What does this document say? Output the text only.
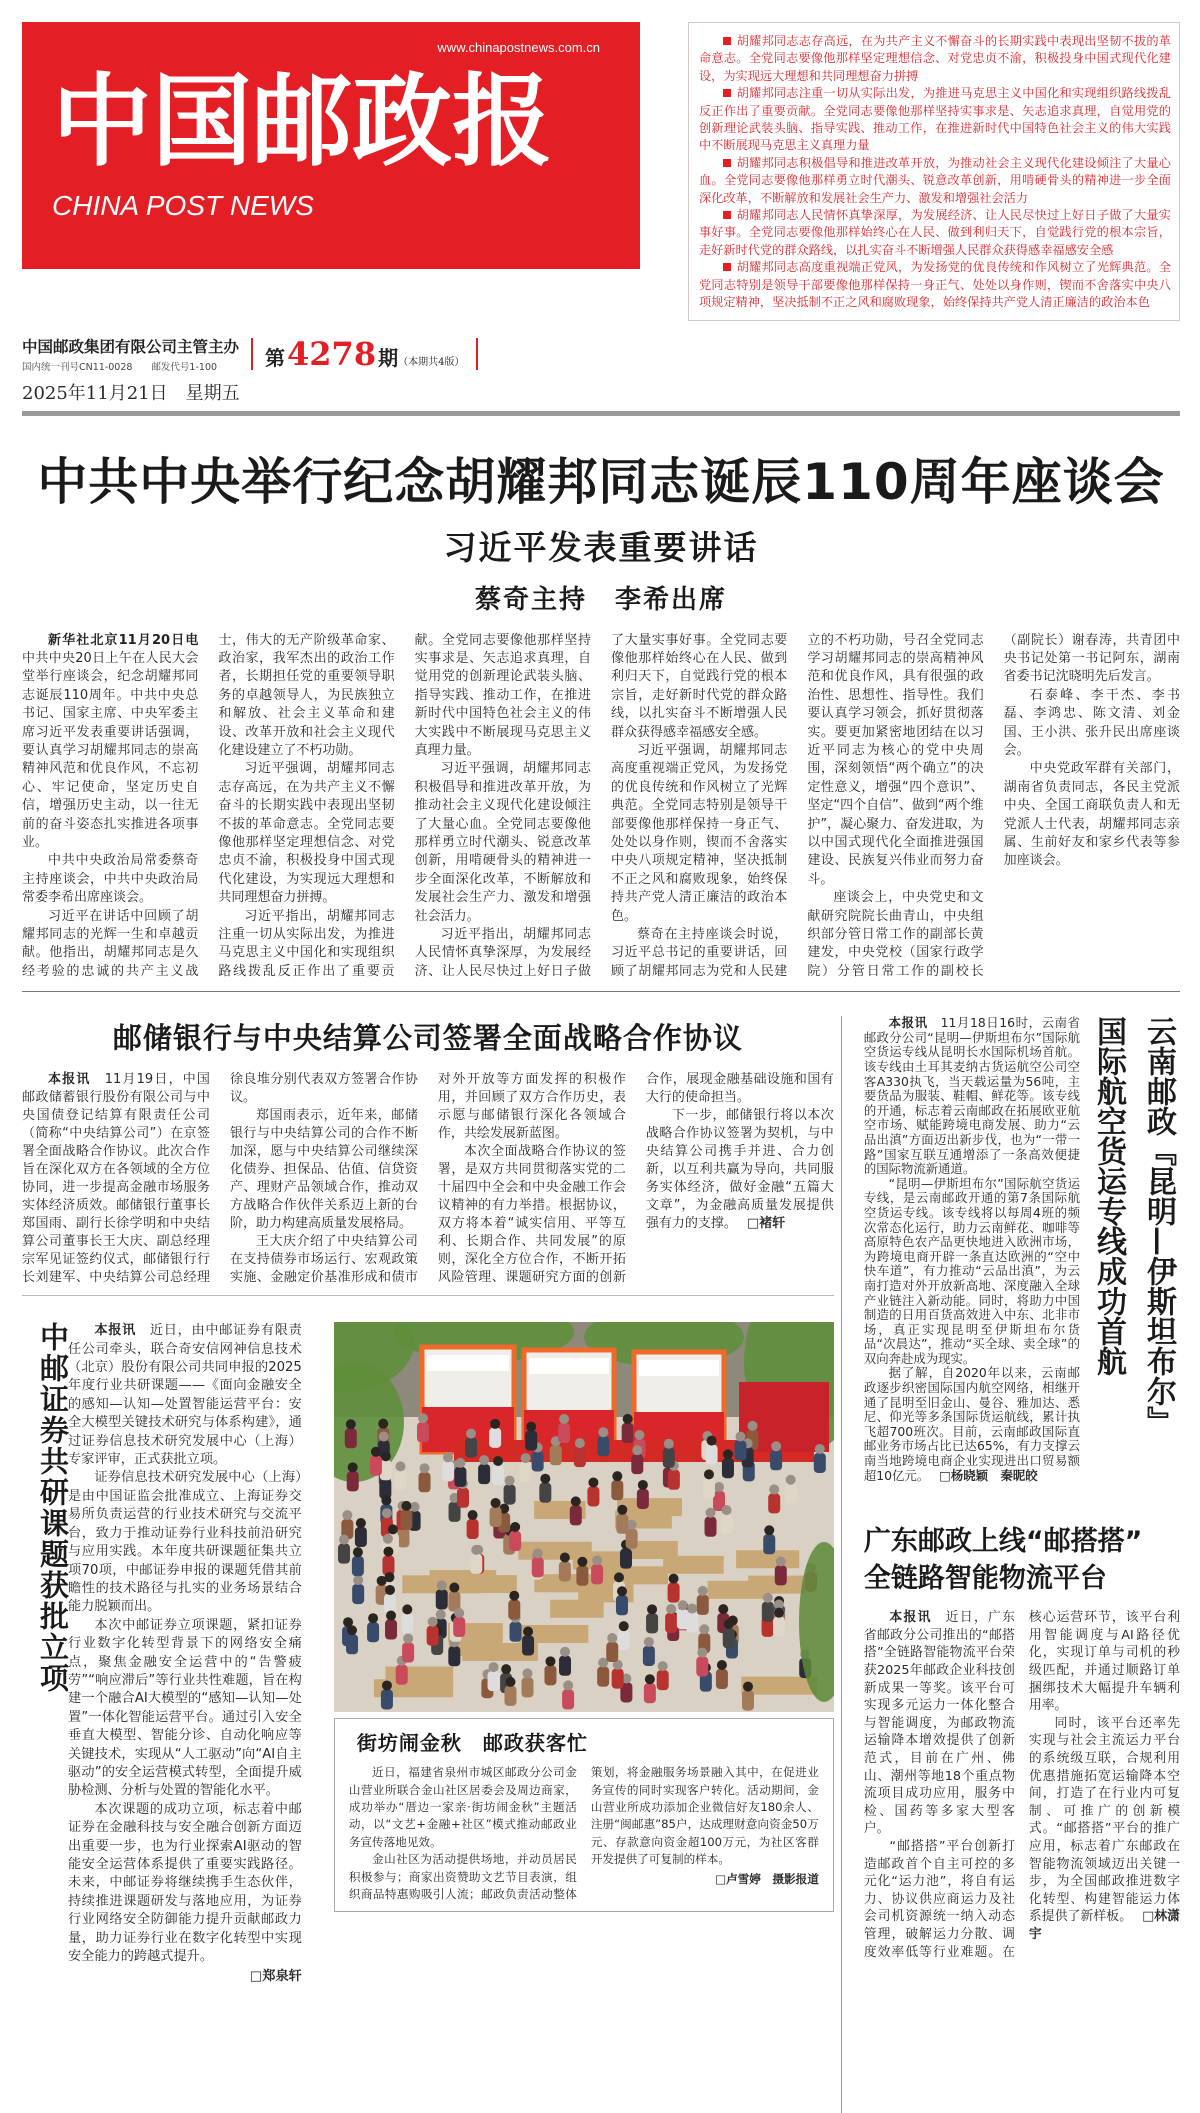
www.chinapostnews.com.cn
中国邮政报
CHINA POST NEWS

胡耀邦同志志存高远，在为共产主义不懈奋斗的长期实践中表现出坚韧不拔的革命意志。全党同志要像他那样坚定理想信念、对党忠贞不渝，积极投身中国式现代化建设，为实现远大理想和共同理想奋力拼搏

胡耀邦同志注重一切从实际出发，为推进马克思主义中国化和实现组织路线拨乱反正作出了重要贡献。全党同志要像他那样坚持实事求是、矢志追求真理，自觉用党的创新理论武装头脑、指导实践、推动工作，在推进新时代中国特色社会主义的伟大实践中不断展现马克思主义真理力量

胡耀邦同志积极倡导和推进改革开放，为推动社会主义现代化建设倾注了大量心血。全党同志要像他那样勇立时代潮头、锐意改革创新，用啃硬骨头的精神进一步全面深化改革，不断解放和发展社会生产力、激发和增强社会活力

胡耀邦同志人民情怀真挚深厚，为发展经济、让人民尽快过上好日子做了大量实事好事。全党同志要像他那样始终心在人民、做到利归天下，自觉践行党的根本宗旨，走好新时代党的群众路线，以扎实奋斗不断增强人民群众获得感幸福感安全感

胡耀邦同志高度重视端正党风，为发扬党的优良传统和作风树立了光辉典范。全党同志特别是领导干部要像他那样保持一身正气、处处以身作则，锲而不舍落实中央八项规定精神，坚决抵制不正之风和腐败现象，始终保持共产党人清正廉洁的政治本色

中国邮政集团有限公司主管主办
国内统一刊号CN11-0028　　邮发代号1-100	第4278 期（本期共4版）
2025年11月21日　星期五
中共中央举行纪念胡耀邦同志诞辰110周年座谈会
习近平发表重要讲话
蔡奇主持　李希出席

新华社北京11月20日电　中共中央20日上午在人民大会堂举行座谈会，纪念胡耀邦同志诞辰110周年。中共中央总书记、国家主席、中央军委主席习近平发表重要讲话强调，要认真学习胡耀邦同志的崇高精神风范和优良作风，不忘初心、牢记使命，坚定历史自信，增强历史主动，以一往无前的奋斗姿态扎实推进各项事业。

中共中央政治局常委蔡奇主持座谈会，中共中央政治局常委李希出席座谈会。

习近平在讲话中回顾了胡耀邦同志的光辉一生和卓越贡献。他指出，胡耀邦同志是久经考验的忠诚的共产主义战士，伟大的无产阶级革命家、政治家，我军杰出的政治工作者，长期担任党的重要领导职务的卓越领导人，为民族独立和解放、社会主义革命和建设、改革开放和社会主义现代化建设建立了不朽功勋。

习近平强调，胡耀邦同志志存高远，在为共产主义不懈奋斗的长期实践中表现出坚韧不拔的革命意志。全党同志要像他那样坚定理想信念、对党忠贞不渝，积极投身中国式现代化建设，为实现远大理想和共同理想奋力拼搏。

习近平指出，胡耀邦同志注重一切从实际出发，为推进马克思主义中国化和实现组织路线拨乱反正作出了重要贡献。全党同志要像他那样坚持实事求是、矢志追求真理，自觉用党的创新理论武装头脑、指导实践、推动工作，在推进新时代中国特色社会主义的伟大实践中不断展现马克思主义真理力量。

习近平强调，胡耀邦同志积极倡导和推进改革开放，为推动社会主义现代化建设倾注了大量心血。全党同志要像他那样勇立时代潮头、锐意改革创新，用啃硬骨头的精神进一步全面深化改革，不断解放和发展社会生产力、激发和增强社会活力。

习近平指出，胡耀邦同志人民情怀真挚深厚，为发展经济、让人民尽快过上好日子做了大量实事好事。全党同志要像他那样始终心在人民、做到利归天下，自觉践行党的根本宗旨，走好新时代党的群众路线，以扎实奋斗不断增强人民群众获得感幸福感安全感。

习近平强调，胡耀邦同志高度重视端正党风，为发扬党的优良传统和作风树立了光辉典范。全党同志特别是领导干部要像他那样保持一身正气、处处以身作则，锲而不舍落实中央八项规定精神，坚决抵制不正之风和腐败现象，始终保持共产党人清正廉洁的政治本色。

蔡奇在主持座谈会时说，习近平总书记的重要讲话，回顾了胡耀邦同志为党和人民建立的不朽功勋，号召全党同志学习胡耀邦同志的崇高精神风范和优良作风，具有很强的政治性、思想性、指导性。我们要认真学习领会，抓好贯彻落实。要更加紧密地团结在以习近平同志为核心的党中央周围，深刻领悟“两个确立”的决定性意义，增强“四个意识”、坚定“四个自信”、做到“两个维护”，凝心聚力、奋发进取，为以中国式现代化全面推进强国建设、民族复兴伟业而努力奋斗。

座谈会上，中央党史和文献研究院院长曲青山，中央组织部分管日常工作的副部长黄建发，中央党校（国家行政学院）分管日常工作的副校长（副院长）谢春涛，共青团中央书记处第一书记阿东，湖南省委书记沈晓明先后发言。

石泰峰、李干杰、李书磊、李鸿忠、陈文清、刘金国、王小洪、张升民出席座谈会。

中央党政军群有关部门，湖南省负责同志，各民主党派中央、全国工商联负责人和无党派人士代表，胡耀邦同志亲属、生前好友和家乡代表等参加座谈会。

邮储银行与中央结算公司签署全面战略合作协议

本报讯　 11月19日，中国邮政储蓄银行股份有限公司与中央国债登记结算有限责任公司（简称“中央结算公司”）在京签署全面战略合作协议。此次合作旨在深化双方在各领域的全方位协同，进一步提高金融市场服务实体经济质效。邮储银行董事长郑国雨、副行长徐学明和中央结算公司董事长王大庆、副总经理宗军见证签约仪式，邮储银行行长刘建军、中央结算公司总经理徐良堆分别代表双方签署合作协议。

郑国雨表示，近年来，邮储银行与中央结算公司的合作不断加深，愿与中央结算公司继续深化债券、担保品、估值、信贷资产、理财产品领域合作，推动双方战略合作伙伴关系迈上新的台阶，助力构建高质量发展格局。

王大庆介绍了中央结算公司在支持债券市场运行、宏观政策实施、金融定价基准形成和债市对外开放等方面发挥的积极作用，并回顾了双方合作历史，表示愿与邮储银行深化各领域合作，共绘发展新蓝图。

本次全面战略合作协议的签署，是双方共同贯彻落实党的二十届四中全会和中央金融工作会议精神的有力举措。根据协议，双方将本着“诚实信用、平等互利、长期合作、共同发展”的原则，深化全方位合作，不断开拓风险管理、课题研究方面的创新合作，展现金融基础设施和国有大行的使命担当。

下一步，邮储银行将以本次战略合作协议签署为契机，与中央结算公司携手并进、合力创新，以互利共赢为导向，共同服务实体经济，做好金融“五篇大文章”，为金融高质量发展提供强有力的支撑。 □褚轩

中邮证券共研课题获批立项	本报讯　 近日，由中邮证券有限责任公司牵头，联合奇安信网神信息技术（北京）股份有限公司共同申报的2025年度行业共研课题——《面向金融安全的感知—认知—处置智能运营平台：安全大模型关键技术研究与体系构建》，通过证券信息技术研究发展中心（上海）专家评审，正式获批立项。

证券信息技术研究发展中心（上海）是由中国证监会批准成立、上海证券交易所负责运营的行业技术研究与交流平台，致力于推动证券行业科技前沿研究与应用实践。本年度共研课题征集共立项70项，中邮证券申报的课题凭借其前瞻性的技术路径与扎实的业务场景结合能力脱颖而出。

本次中邮证券立项课题，紧扣证券行业数字化转型背景下的网络安全痛点，聚焦金融安全运营中的“告警疲劳”“响应滞后”等行业共性难题，旨在构建一个融合AI大模型的“感知—认知—处置”一体化智能运营平台。通过引入安全垂直大模型、智能分诊、自动化响应等关键技术，实现从“人工驱动”向“AI自主驱动”的安全运营模式转型，全面提升威胁检测、分析与处置的智能化水平。

本次课题的成功立项，标志着中邮证券在金融科技与安全融合创新方面迈出重要一步，也为行业探索AI驱动的智能安全运营体系提供了重要实践路径。未来，中邮证券将继续携手生态伙伴，持续推进课题研发与落地应用，为证券行业网络安全防御能力提升贡献邮政力量，助力证券行业在数字化转型中实现安全能力的跨越式提升。

□郑泉轩
街坊闹金秋　邮政获客忙

近日，福建省泉州市城区邮政分公司金山营业所联合金山社区居委会及周边商家，成功举办“厝边一家亲·街坊闹金秋”主题活动，以“文艺+金融+社区”模式推动邮政业务宣传落地见效。

金山社区为活动提供场地，并动员居民积极参与；商家出资赞助文艺节目表演，组织商品特惠购吸引人流；邮政负责活动整体策划，将金融服务场景融入其中，在促进业务宣传的同时实现客户转化。活动期间，金山营业所成功添加企业微信好友180余人、注册“闽邮惠”85户，达成理财意向资金50万元、存款意向资金超100万元，为社区客群开发提供了可复制的样本。

□卢雪婷　摄影报道

本报讯　 11月18日16时，云南省邮政分公司“昆明—伊斯坦布尔”国际航空货运专线从昆明长水国际机场首航。该专线由土耳其麦纳古货运航空公司空客A330执飞，当天载运量为56吨，主要货品为服装、鞋帽、鲜花等。该专线的开通，标志着云南邮政在拓展欧亚航空市场、赋能跨境电商发展、助力“云品出滇”方面迈出新步伐，也为“一带一路”国家互联互通增添了一条高效便捷的国际物流新通道。

“昆明—伊斯坦布尔”国际航空货运专线，是云南邮政开通的第7条国际航空货运专线。该专线将以每周4班的频次常态化运行，助力云南鲜花、咖啡等高原特色农产品更快地进入欧洲市场，为跨境电商开辟一条直达欧洲的“空中快车道”，有力推动“云品出滇”，为云南打造对外开放新高地、深度融入全球产业链注入新动能。同时，将助力中国制造的日用百货高效进入中东、北非市场，真正实现昆明至伊斯坦布尔货品“次晨达”，推动“买全球、卖全球”的双向奔赴成为现实。

据了解，自2020年以来，云南邮政逐步织密国际国内航空网络，相继开通了昆明至旧金山、曼谷、雅加达、悉尼、仰光等多条国际货运航线，累计执飞超700班次。目前，云南邮政国际直邮业务市场占比已达65%，有力支撑云南当地跨境电商企业实现进出口贸易额超10亿元。 □杨晓颖　秦昵皎

国际航空货运专线成功首航 云南邮政『昆明—伊斯坦布尔』
广东邮政上线“邮搭搭”
全链路智能物流平台

本报讯　 近日，广东省邮政分公司推出的“邮搭搭”全链路智能物流平台荣获2025年邮政企业科技创新成果一等奖。该平台可实现多元运力一体化整合与智能调度，为邮政物流运输降本增效提供了创新范式，目前在广州、佛山、潮州等地18个重点物流项目成功应用，服务中检、国药等多家大型客户。

“邮搭搭”平台创新打造邮政首个自主可控的多元化“运力池”，将自有运力、协议供应商运力及社会司机资源统一纳入动态管理，破解运力分散、调度效率低等行业难题。在核心运营环节，该平台利用智能调度与AI路径优化，实现订单与司机的秒级匹配，并通过顺路订单捆绑技术大幅提升车辆利用率。

同时，该平台还率先实现与社会主流运力平台的系统级互联，合规利用优惠措施拓宽运输降本空间，打造了在行业内可复制、可推广的创新模式。“邮搭搭”平台的推广应用，标志着广东邮政在智能物流领域迈出关键一步，为全国邮政推进数字化转型、构建智能运力体系提供了新样板。 □林潇宇
